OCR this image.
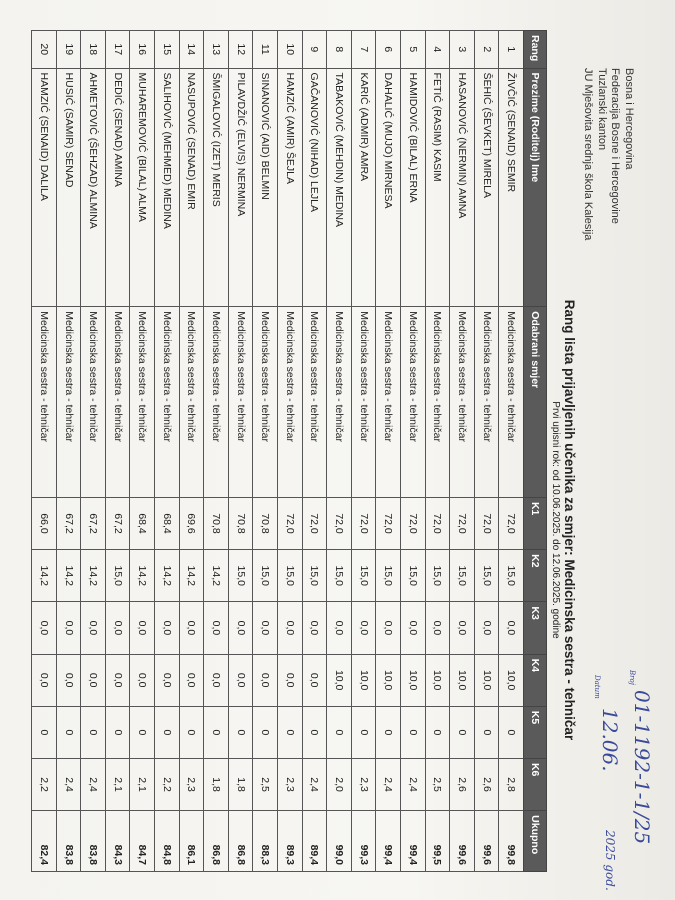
Bosna i Hercegovina
Federacija Bosne i Hercegovine
Tuzlanski kanton
JU Mješovita srednja škola Kalesija
Broj
01-1192-1-1/25
Datum
12.06.
2025 god.
Rang lista prijavljenih učenika za smjer: Medicinska sestra - tehničar
Prvi upisni rok: od 10.06.2025. do 12.06.2025. godine
Rang	Prezime (Roditelj) Ime	Odabrani smjer	K1	K2	K3	K4	K5	K6	Ukupno
1	ŽIVČIĆ (SENAID) SEMIR	Medicinska sestra - tehničar	72,0	15,0	0,0	10,0	0	2,8	99,8
2	ŠEHIĆ (ŠEVKET) MIRELA	Medicinska sestra - tehničar	72,0	15,0	0,0	10,0	0	2,6	99,6
3	HASANOVIĆ (NERMIN) AMNA	Medicinska sestra - tehničar	72,0	15,0	0,0	10,0	0	2,6	99,6
4	FETIĆ (RASIM) KASIM	Medicinska sestra - tehničar	72,0	15,0	0,0	10,0	0	2,5	99,5
5	HAMIDOVIĆ (BILAL) ERNA	Medicinska sestra - tehničar	72,0	15,0	0,0	10,0	0	2,4	99,4
6	DAHALIĆ (MUJO) MIRNESA	Medicinska sestra - tehničar	72,0	15,0	0,0	10,0	0	2,4	99,4
7	KARIĆ (ADMIR) AMRA	Medicinska sestra - tehničar	72,0	15,0	0,0	10,0	0	2,3	99,3
8	TABAKOVIĆ (MEHDIN) MEDINA	Medicinska sestra - tehničar	72,0	15,0	0,0	10,0	0	2,0	99,0
9	GAČANOVIĆ (NIHAD) LEJLA	Medicinska sestra - tehničar	72,0	15,0	0,0	0,0	0	2,4	89,4
10	HAMZIĆ (AMIR) ŠEJLA	Medicinska sestra - tehničar	72,0	15,0	0,0	0,0	0	2,3	89,3
11	SINANOVIĆ (AID) BELMIN	Medicinska sestra - tehničar	70,8	15,0	0,0	0,0	0	2,5	88,3
12	PILAVDŽIĆ (ELVIS) NERMINA	Medicinska sestra - tehničar	70,8	15,0	0,0	0,0	0	1,8	86,8
13	ŠMIGALOVIĆ (IZET) MERIS	Medicinska sestra - tehničar	70,8	14,2	0,0	0,0	0	1,8	86,8
14	NASUPOVIĆ (SENAD) EMIR	Medicinska sestra - tehničar	69,6	14,2	0,0	0,0	0	2,3	86,1
15	SALIHOVIĆ (MEHMED) MEDINA	Medicinska sestra - tehničar	68,4	14,2	0,0	0,0	0	2,2	84,8
16	MUHAREMOVIĆ (BILAL) ALMA	Medicinska sestra - tehničar	68,4	14,2	0,0	0,0	0	2,1	84,7
17	DEDIĆ (SENAD) AMINA	Medicinska sestra - tehničar	67,2	15,0	0,0	0,0	0	2,1	84,3
18	AHMETOVIĆ (ŠEHZAD) ALMINA	Medicinska sestra - tehničar	67,2	14,2	0,0	0,0	0	2,4	83,8
19	HUSIĆ (SAMIR) SENAD	Medicinska sestra - tehničar	67,2	14,2	0,0	0,0	0	2,4	83,8
20	HAMZIĆ (SENAID) DALILA	Medicinska sestra - tehničar	66,0	14,2	0,0	0,0	0	2,2	82,4
